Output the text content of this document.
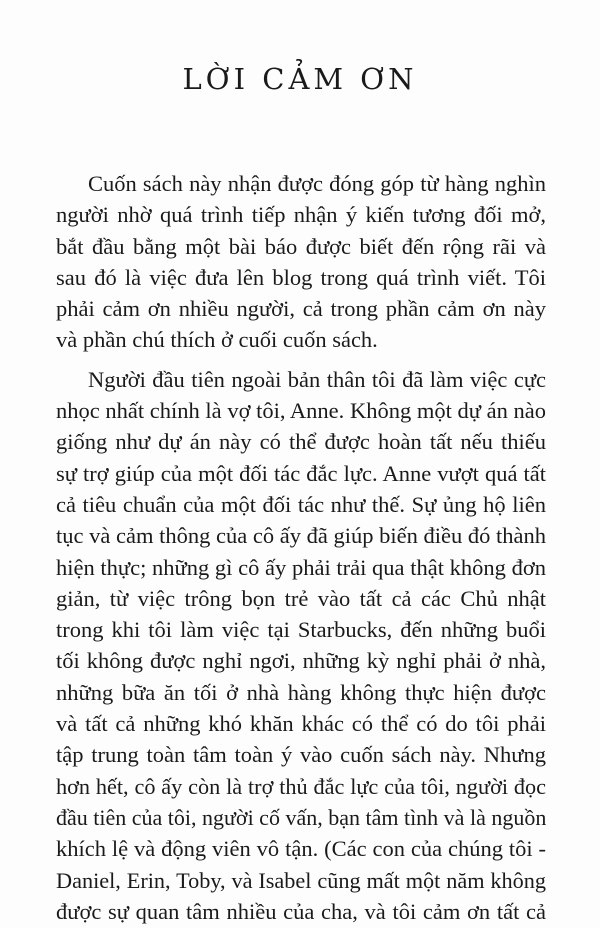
LỜI CẢM ƠN
Cuốn sách này nhận được đóng góp từ hàng nghìn
người nhờ quá trình tiếp nhận ý kiến tương đối mở,
bắt đầu bằng một bài báo được biết đến rộng rãi và
sau đó là việc đưa lên blog trong quá trình viết. Tôi
phải cảm ơn nhiều người, cả trong phần cảm ơn này
và phần chú thích ở cuối cuốn sách.
Người đầu tiên ngoài bản thân tôi đã làm việc cực
nhọc nhất chính là vợ tôi, Anne. Không một dự án nào
giống như dự án này có thể được hoàn tất nếu thiếu
sự trợ giúp của một đối tác đắc lực. Anne vượt quá tất
cả tiêu chuẩn của một đối tác như thế. Sự ủng hộ liên
tục và cảm thông của cô ấy đã giúp biến điều đó thành
hiện thực; những gì cô ấy phải trải qua thật không đơn
giản, từ việc trông bọn trẻ vào tất cả các Chủ nhật
trong khi tôi làm việc tại Starbucks, đến những buổi
tối không được nghỉ ngơi, những kỳ nghỉ phải ở nhà,
những bữa ăn tối ở nhà hàng không thực hiện được
và tất cả những khó khăn khác có thể có do tôi phải
tập trung toàn tâm toàn ý vào cuốn sách này. Nhưng
hơn hết, cô ấy còn là trợ thủ đắc lực của tôi, người đọc
đầu tiên của tôi, người cố vấn, bạn tâm tình và là nguồn
khích lệ và động viên vô tận. (Các con của chúng tôi -
Daniel, Erin, Toby, và Isabel cũng mất một năm không
được sự quan tâm nhiều của cha, và tôi cảm ơn tất cả
